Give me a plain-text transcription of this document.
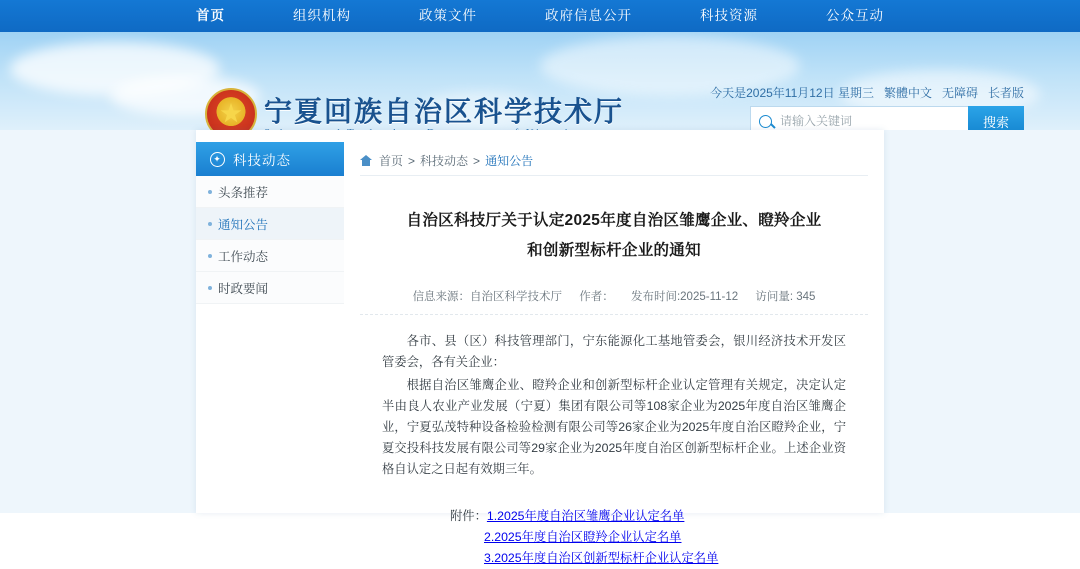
首页	组织机构	政策文件	政府信息公开	科技资源	公众互动
★ 宁夏回族自治区科学技术厅
今天是2025年11月12日 星期三 繁體中文 无障碍 长者版
请输入关键词
搜索
✦ 科技动态
头条推荐
通知公告
工作动态
时政要闻
首页 > 科技动态 > 通知公告
自治区科技厅关于认定2025年度自治区雏鹰企业、瞪羚企业
和创新型标杆企业的通知
信息来源：自治区科学技术厅 作者： 发布时间:2025-11-12 访问量: 345

各市、县（区）科技管理部门，宁东能源化工基地管委会，银川经济技术开发区管委会，各有关企业：

根据自治区雏鹰企业、瞪羚企业和创新型标杆企业认定管理有关规定，决定认定半由良人农业产业发展（宁夏）集团有限公司等108家企业为2025年度自治区雏鹰企业，宁夏弘茂特种设备检验检测有限公司等26家企业为2025年度自治区瞪羚企业，宁夏交投科技发展有限公司等29家企业为2025年度自治区创新型标杆企业。上述企业资格自认定之日起有效期三年。

附件：1.2025年度自治区雏鹰企业认定名单
2.2025年度自治区瞪羚企业认定名单
3.2025年度自治区创新型标杆企业认定名单
